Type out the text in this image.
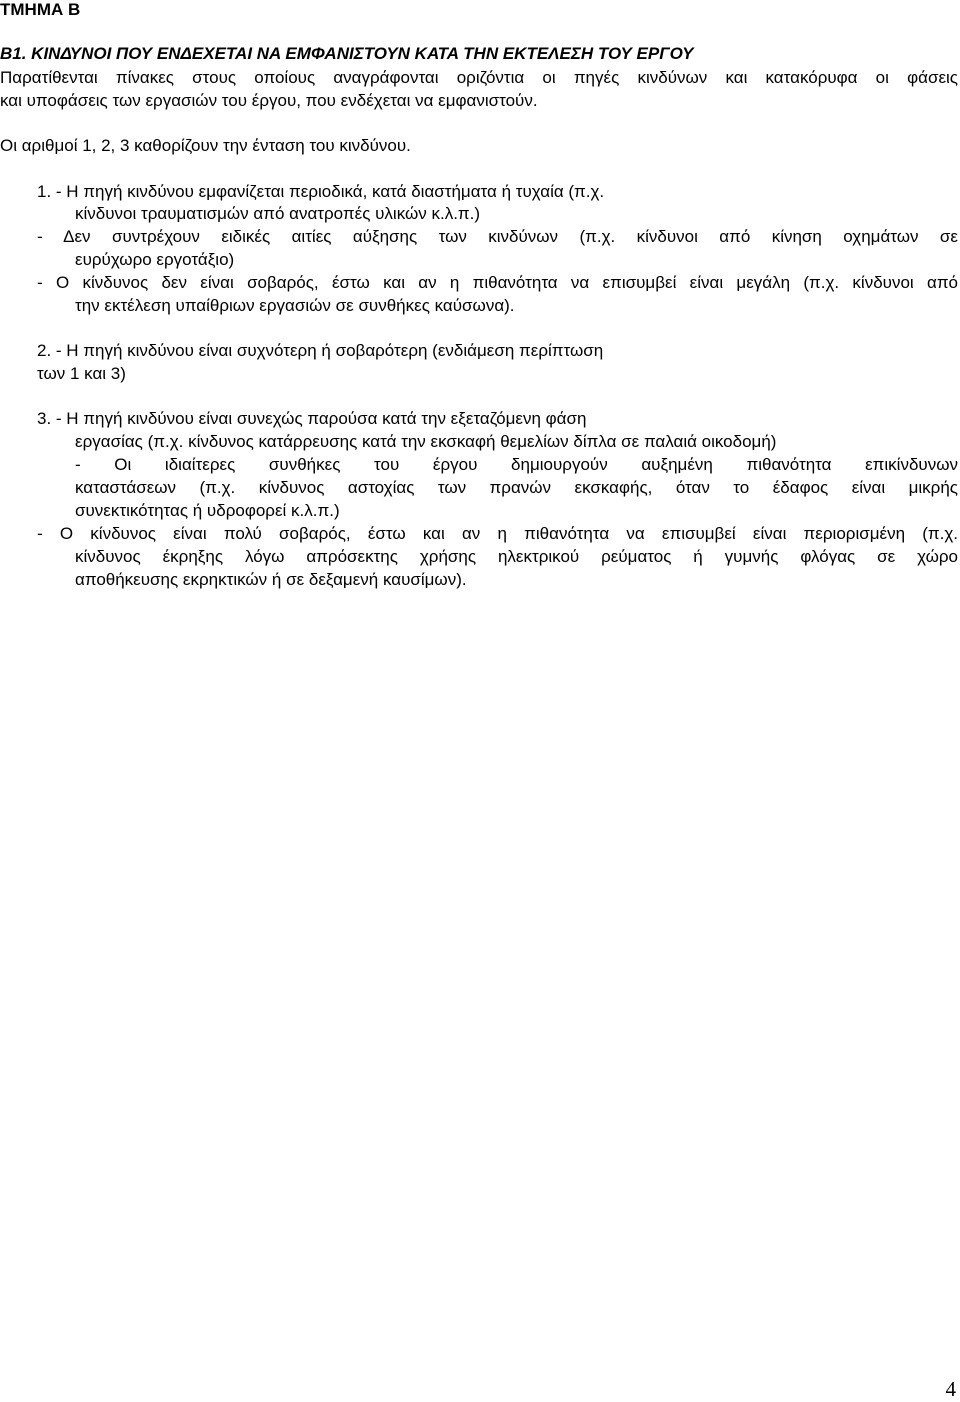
ΤΜΗΜΑ Β
Β1. ΚΙΝΔΥΝΟΙ ΠΟΥ ΕΝΔΕΧΕΤΑΙ ΝΑ ΕΜΦΑΝΙΣΤΟΥΝ ΚΑΤΑ ΤΗΝ ΕΚΤΕΛΕΣΗ ΤΟΥ ΕΡΓΟΥ
Παρατίθενται πίνακες στους οποίους αναγράφονται οριζόντια οι πηγές κινδύνων και κατακόρυφα οι φάσεις
και υποφάσεις των εργασιών του έργου, που ενδέχεται να εμφανιστούν.
Οι αριθμοί 1, 2, 3 καθορίζουν την ένταση του κινδύνου.
1. - Η πηγή κινδύνου εμφανίζεται περιοδικά, κατά διαστήματα ή τυχαία (π.χ.
κίνδυνοι τραυματισμών από ανατροπές υλικών κ.λ.π.)
- Δεν συντρέχουν ειδικές αιτίες αύξησης των κινδύνων (π.χ. κίνδυνοι από κίνηση οχημάτων σε
ευρύχωρο εργοτάξιο)
- Ο κίνδυνος δεν είναι σοβαρός, έστω και αν η πιθανότητα να επισυμβεί είναι μεγάλη (π.χ. κίνδυνοι από
την εκτέλεση υπαίθριων εργασιών σε συνθήκες καύσωνα).
2. - Η πηγή κινδύνου είναι συχνότερη ή σοβαρότερη (ενδιάμεση περίπτωση
των 1 και 3)
3. - Η πηγή κινδύνου είναι συνεχώς παρούσα κατά την εξεταζόμενη φάση
εργασίας (π.χ. κίνδυνος κατάρρευσης κατά την εκσκαφή θεμελίων δίπλα σε παλαιά οικοδομή)
- Οι ιδιαίτερες συνθήκες του έργου δημιουργούν αυξημένη πιθανότητα επικίνδυνων
καταστάσεων (π.χ. κίνδυνος αστοχίας των πρανών εκσκαφής, όταν το έδαφος είναι μικρής
συνεκτικότητας ή υδροφορεί κ.λ.π.)
- Ο κίνδυνος είναι πολύ σοβαρός, έστω και αν η πιθανότητα να επισυμβεί είναι περιορισμένη (π.χ.
κίνδυνος έκρηξης λόγω απρόσεκτης χρήσης ηλεκτρικού ρεύματος ή γυμνής φλόγας σε χώρο
αποθήκευσης εκρηκτικών ή σε δεξαμενή καυσίμων).
4
